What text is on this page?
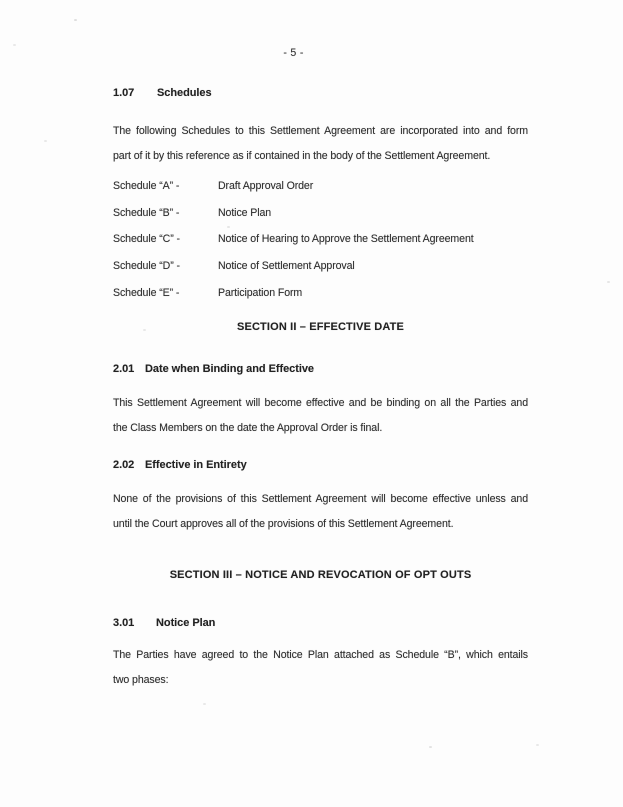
- 5 -
1.07 Schedules
The following Schedules to this Settlement Agreement are incorporated into and form
part of it by this reference as if contained in the body of the Settlement Agreement.
Schedule “A” -	Draft Approval Order
Schedule “B” -	Notice Plan
Schedule “C” -	Notice of Hearing to Approve the Settlement Agreement
Schedule “D” -	Notice of Settlement Approval
Schedule “E” -	Participation Form
SECTION II – EFFECTIVE DATE
2.01 Date when Binding and Effective
This Settlement Agreement will become effective and be binding on all the Parties and
the Class Members on the date the Approval Order is final.
2.02 Effective in Entirety
None of the provisions of this Settlement Agreement will become effective unless and
until the Court approves all of the provisions of this Settlement Agreement.
SECTION III – NOTICE AND REVOCATION OF OPT OUTS
3.01 Notice Plan
The Parties have agreed to the Notice Plan attached as Schedule “B”, which entails
two phases:
